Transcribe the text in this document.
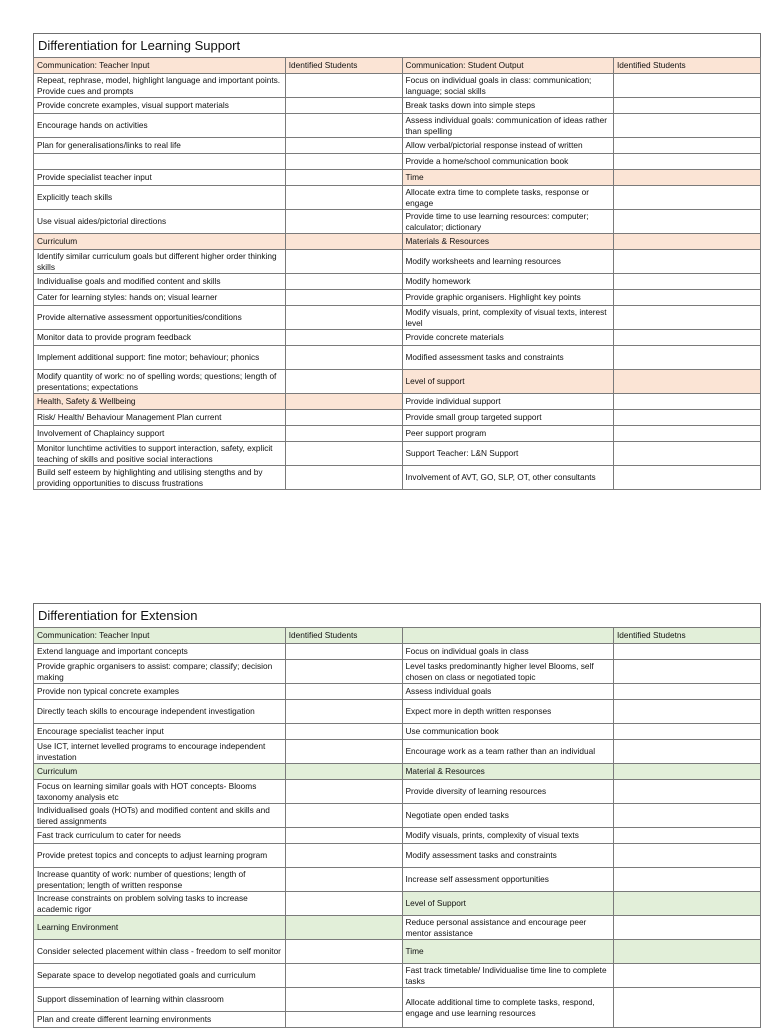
Differentiation for Learning Support
Communication: Teacher Input	Identified Students	Communication: Student Output	Identified Students
Repeat, rephrase, model, highlight language and important points. Provide cues and prompts		Focus on individual goals in class: communication; language; social skills	
Provide concrete examples, visual support materials		Break tasks down into simple steps	
Encourage hands on activities		Assess individual goals: communication of ideas rather than spelling	
Plan for generalisations/links to real life		Allow verbal/pictorial response instead of written	
		Provide a home/school communication book	
Provide specialist teacher input		Time	
Explicitly teach skills		Allocate extra time to complete tasks, response or engage	
Use visual aides/pictorial directions		Provide time to use learning resources: computer; calculator; dictionary	
Curriculum		Materials & Resources	
Identify similar curriculum goals but different higher order thinking skills		Modify worksheets and learning resources	
Individualise goals and modified content and skills		Modify homework	
Cater for learning styles: hands on; visual learner		Provide graphic organisers. Highlight key points	
Provide alternative assessment opportunities/conditions		Modify visuals, print, complexity of visual texts, interest level	
Monitor data to provide program feedback		Provide concrete materials	
Implement additional support: fine motor; behaviour; phonics		Modified assessment tasks and constraints	
Modify quantity of work: no of spelling words; questions; length of presentations; expectations		Level of support	
Health, Safety & Wellbeing		Provide individual support	
Risk/ Health/ Behaviour Management Plan current		Provide small group targeted support	
Involvement of Chaplaincy support		Peer support program	
Monitor lunchtime activities to support interaction, safety, explicit teaching of skills and positive social interactions		Support Teacher: L&N Support	
Build self esteem by highlighting and utilising stengths and by providing opportunities to discuss frustrations		Involvement of AVT, GO, SLP, OT, other consultants	
Differentiation for Extension
Communication: Teacher Input	Identified Students		Identified Studetns
Extend language and important concepts		Focus on individual goals in class	
Provide graphic organisers to assist: compare; classify; decision making		Level tasks predominantly higher level Blooms, self chosen on class or negotiated topic	
Provide non typical concrete examples		Assess individual goals	
Directly teach skills to encourage independent investigation		Expect more in depth written responses	
Encourage specialist teacher input		Use communication book	
Use ICT, internet levelled programs to encourage independent investation		Encourage work as a team rather than an individual	
Curriculum		Material & Resources	
Focus on learning similar goals with HOT concepts- Blooms taxonomy analysis etc		Provide diversity of learning resources	
Individualised goals (HOTs) and modified content and skills and tiered assignments		Negotiate open ended tasks	
Fast track curriculum to cater for needs		Modify visuals, prints, complexity of visual texts	
Provide pretest topics and concepts to adjust learning program		Modify assessment tasks and constraints	
Increase quantity of work: number of questions; length of presentation; length of written response		Increase self assessment opportunities	
Increase constraints on problem solving tasks to increase academic rigor		Level of Support	
Learning Environment		Reduce personal assistance and encourage peer mentor assistance	
Consider selected placement within class - freedom to self monitor		Time	
Separate space to develop negotiated goals and curriculum		Fast track timetable/ Individualise time line to complete tasks	
Support dissemination of learning within classroom		Allocate additional time to complete tasks, respond, engage and use learning resources	
Plan and create different learning environments			
